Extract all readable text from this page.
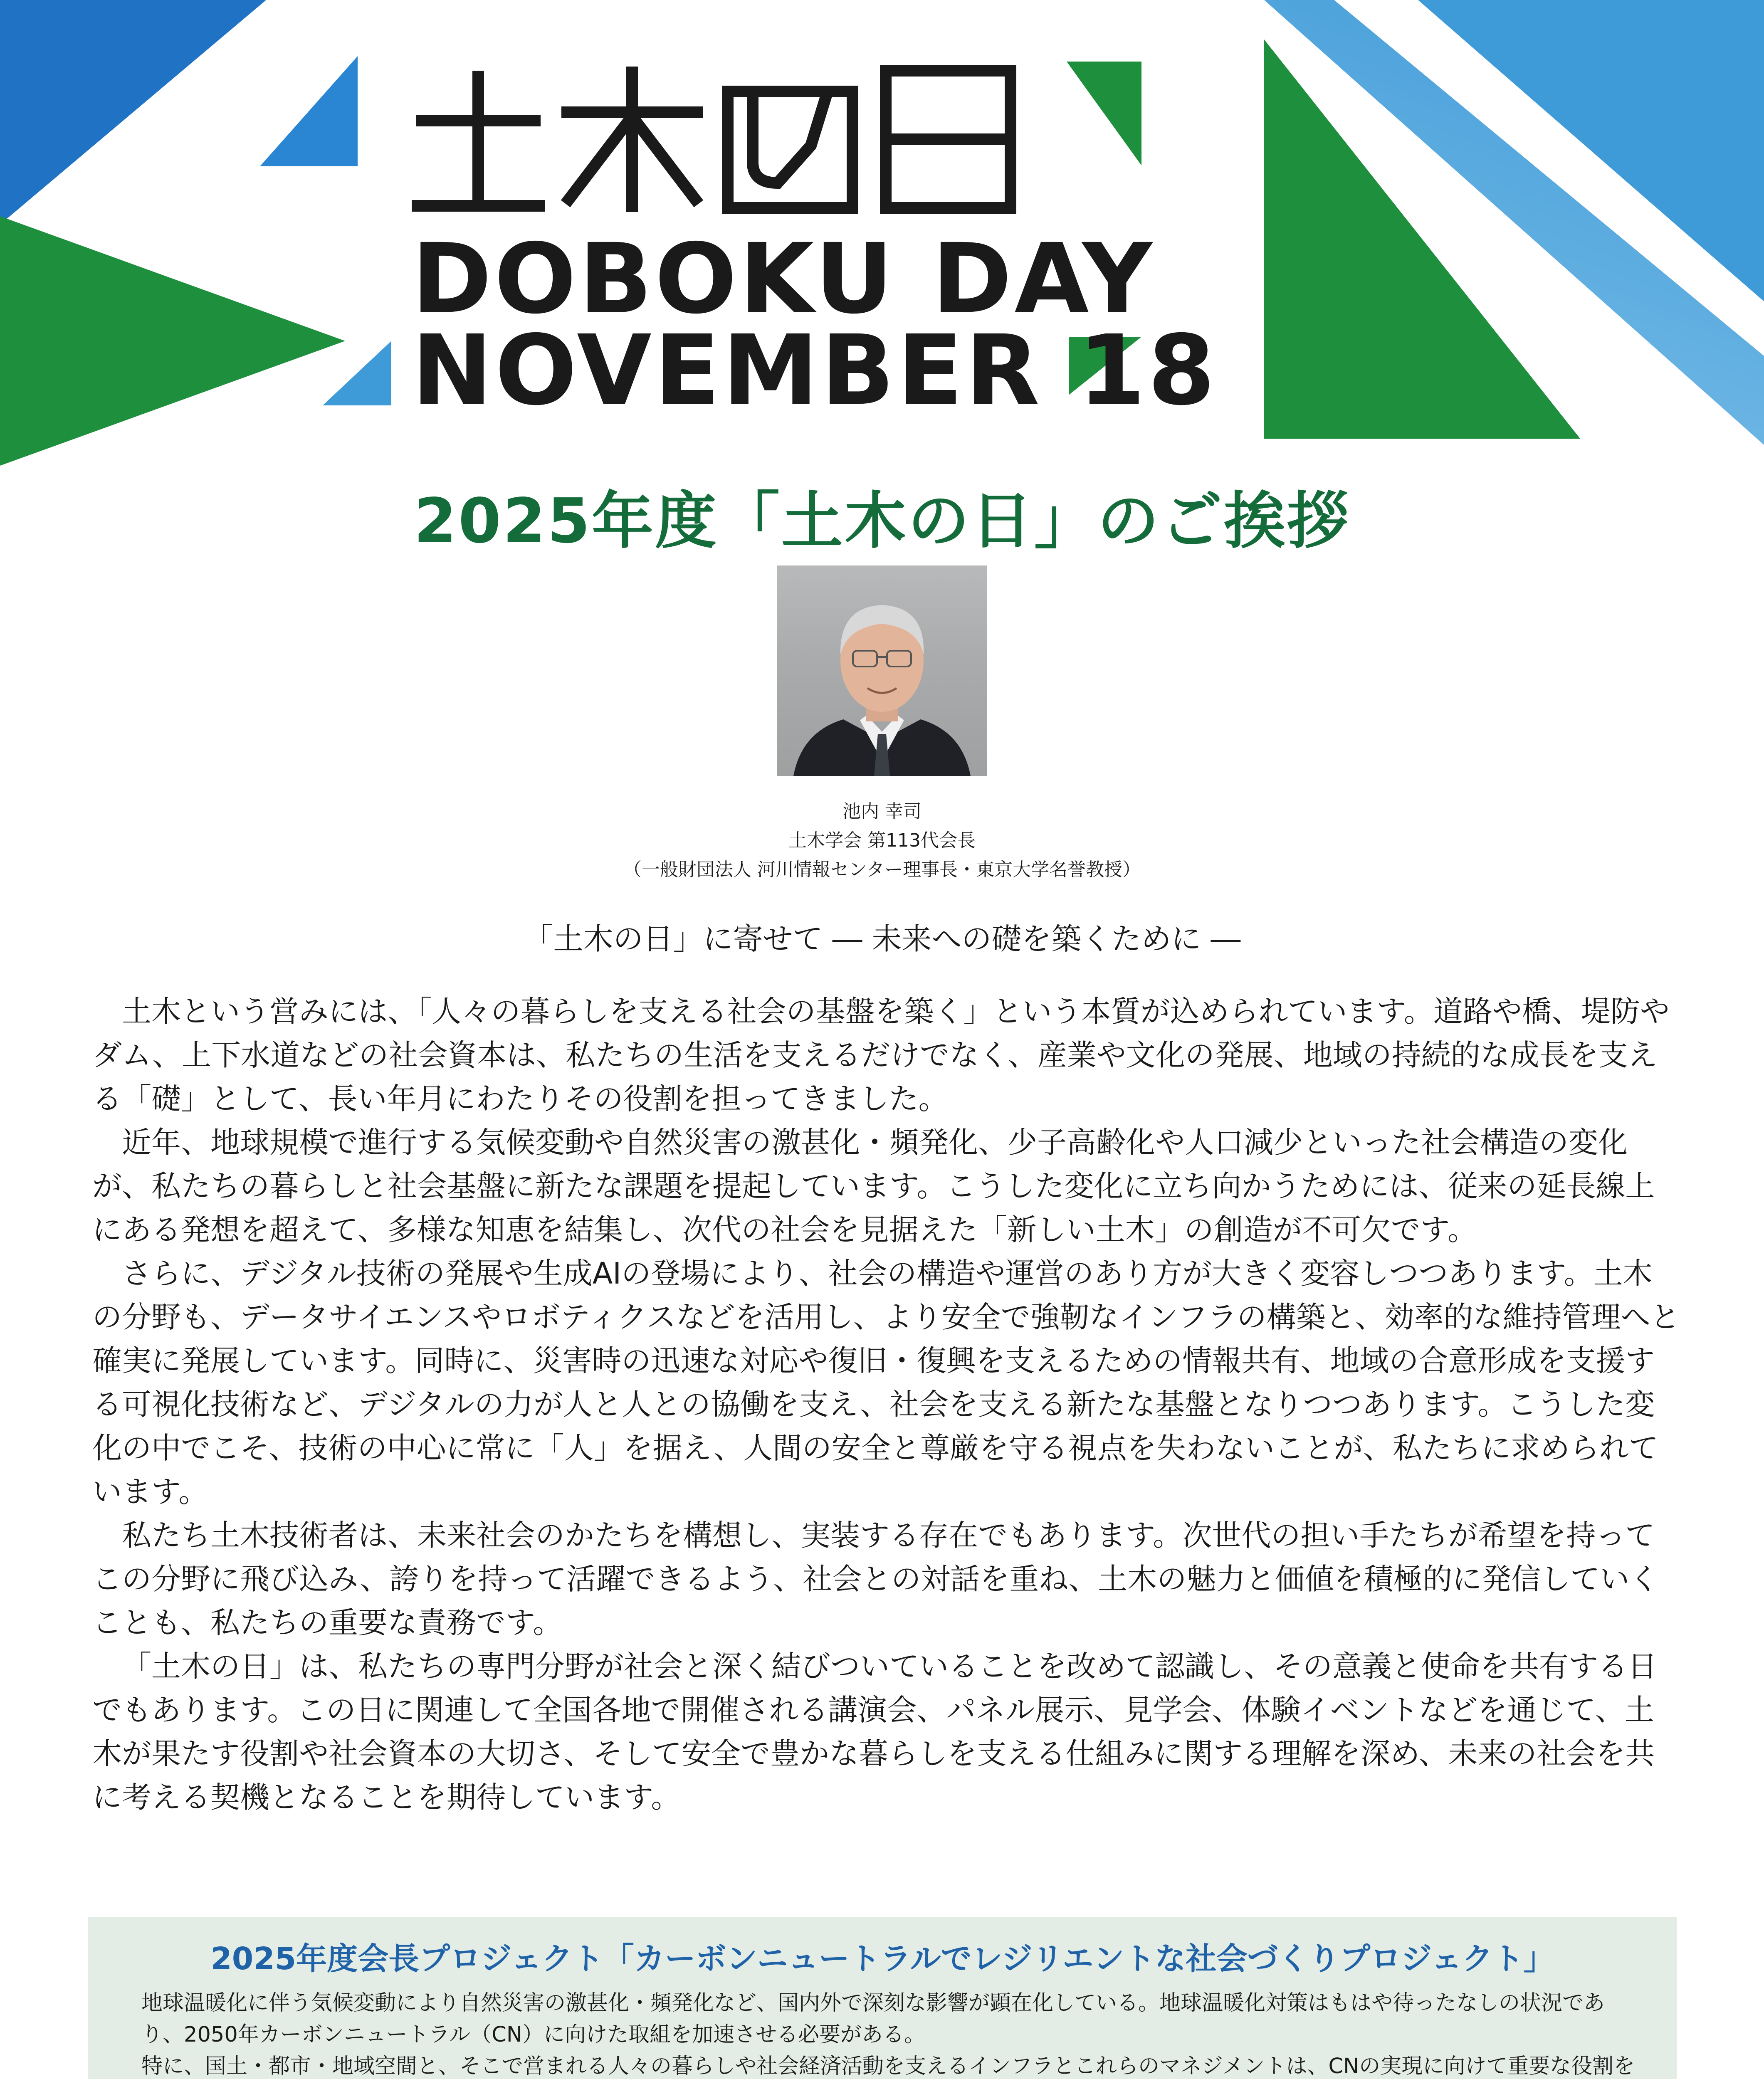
DOBOKU DAY
NOVEMBER 18
2025年度「土木の日」のご挨拶
池内 幸司
土木学会 第113代会長
（一般財団法人 河川情報センター理事長・東京大学名誉教授）
「土木の日」に寄せて ― 未来への礎を築くために ―

土木という営みには、「人々の暮らしを支える社会の基盤を築く」という本質が込められています。道路や橋、堤防やダム、上下水道などの社会資本は、私たちの生活を支えるだけでなく、産業や文化の発展、地域の持続的な成長を支える「礎」として、長い年月にわたりその役割を担ってきました。

近年、地球規模で進行する気候変動や自然災害の激甚化・頻発化、少子高齢化や人口減少といった社会構造の変化が、私たちの暮らしと社会基盤に新たな課題を提起しています。こうした変化に立ち向かうためには、従来の延長線上にある発想を超えて、多様な知恵を結集し、次代の社会を見据えた「新しい土木」の創造が不可欠です。

さらに、デジタル技術の発展や生成AIの登場により、社会の構造や運営のあり方が大きく変容しつつあります。土木の分野も、データサイエンスやロボティクスなどを活用し、より安全で強靭なインフラの構築と、効率的な維持管理へと確実に発展しています。同時に、災害時の迅速な対応や復旧・復興を支えるための情報共有、地域の合意形成を支援する可視化技術など、デジタルの力が人と人との協働を支え、社会を支える新たな基盤となりつつあります。こうした変化の中でこそ、技術の中心に常に「人」を据え、人間の安全と尊厳を守る視点を失わないことが、私たちに求められています。

私たち土木技術者は、未来社会のかたちを構想し、実装する存在でもあります。次世代の担い手たちが希望を持ってこの分野に飛び込み、誇りを持って活躍できるよう、社会との対話を重ね、土木の魅力と価値を積極的に発信していくことも、私たちの重要な責務です。

「土木の日」は、私たちの専門分野が社会と深く結びついていることを改めて認識し、その意義と使命を共有する日でもあります。この日に関連して全国各地で開催される講演会、パネル展示、見学会、体験イベントなどを通じて、土木が果たす役割や社会資本の大切さ、そして安全で豊かな暮らしを支える仕組みに関する理解を深め、未来の社会を共に考える契機となることを期待しています。

2025年度会長プロジェクト「カーボンニュートラルでレジリエントな社会づくりプロジェクト」

地球温暖化に伴う気候変動により自然災害の激甚化・頻発化など、国内外で深刻な影響が顕在化している。地球温暖化対策はもはや待ったなしの状況であり、2050年カーボンニュートラル（CN）に向けた取組を加速させる必要がある。

特に、国土・都市・地域空間と、そこで営まれる人々の暮らしや社会経済活動を支えるインフラとこれらのマネジメントは、CNの実現に向けて重要な役割を
